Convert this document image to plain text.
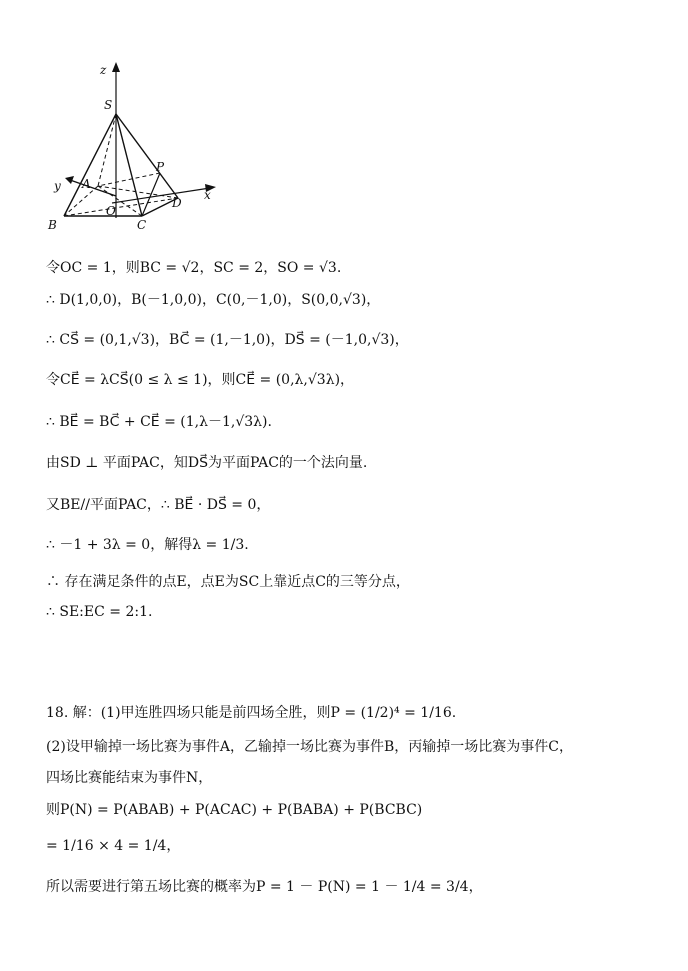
z
S
P
y A
O
D
x
B	C
令OC = 1，则BC = √2，SC = 2，SO = √3.
∴ D(1,0,0)，B(－1,0,0)，C(0,－1,0)，S(0,0,√3)，
∴ CS⃗ = (0,1,√3)，BC⃗ = (1,－1,0)，DS⃗ = (－1,0,√3)，
令CE⃗ = λCS⃗(0 ≤ λ ≤ 1)，则CE⃗ = (0,λ,√3λ)，
∴ BE⃗ = BC⃗ + CE⃗ = (1,λ－1,√3λ).
由SD ⊥ 平面PAC，知DS⃗为平面PAC的一个法向量.
又BE//平面PAC，∴ BE⃗ · DS⃗ = 0，
∴ －1 + 3λ = 0，解得λ = 1/3.
∴ 存在满足条件的点E，点E为SC上靠近点C的三等分点，
∴ SE:EC = 2:1.
18. 解：(1)甲连胜四场只能是前四场全胜，则P = (1/2)⁴ = 1/16.
(2)设甲输掉一场比赛为事件A，乙输掉一场比赛为事件B，丙输掉一场比赛为事件C，
四场比赛能结束为事件N，
则P(N) = P(ABAB) + P(ACAC) + P(BABA) + P(BCBC)
= 1/16 × 4 = 1/4，
所以需要进行第五场比赛的概率为P = 1 － P(N) = 1 － 1/4 = 3/4，
